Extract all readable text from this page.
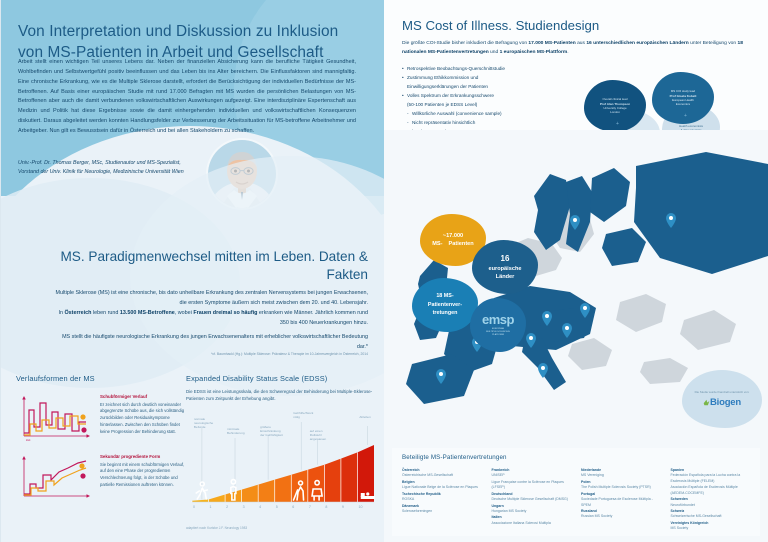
Von Interpretation und Diskussion zu Inklusion von MS-Patienten in Arbeit und Gesellschaft

Arbeit stellt einen wichtigen Teil unseres Lebens dar. Neben der finanziellen Absicherung kann die berufliche Tätigkeit Gesundheit, Wohlbefinden und Selbstwertgefühl positiv beeinflussen und das Leben bis ins Alter bereichern. Die Einflussfaktoren sind mannigfaltig. Eine chronische Erkrankung, wie es die Multiple Sklerose darstellt, erfordert die Berücksichtigung der individuellen Bedürfnisse der MS-Betroffenen. Auf Basis einer europäischen Studie mit rund 17.000 Befragten mit MS wurden die persönlichen Belastungen von MS-Betroffenen aber auch die damit verbundenen volkswirtschaftlichen Auswirkungen aufgezeigt. Eine interdisziplinäre Expertenschaft aus Medizin und Politik hat diese Ergebnisse sowie die damit einhergehenden individuellen und volkswirtschaftlichen Konsequenzen diskutiert. Daraus abgeleitet werden konnten Handlungsfelder zur Verbesserung der Arbeitssituation für MS-betroffene Arbeitnehmer und Arbeitgeber. Nun gilt es Bewusstsein dafür in Österreich und bei allen Stakeholdern zu schaffen.

Univ.-Prof. Dr. Thomas Berger, MSc, Studienautor und MS-Spezialist,
Vorstand der Univ. Klinik für Neurologie, Medizinische Universität Wien

MS. Paradigmenwechsel mitten im Leben. Daten & Fakten

Multiple Sklerose (MS) ist eine chronische, bis dato unheilbare Erkrankung des zentralen Nervensystems bei jungen Erwachsenen, die ersten Symptome äußern sich meist zwischen dem 20. und 40. Lebensjahr.

In Österreich leben rund 13.500 MS-Betroffene, wobei Frauen dreimal so häufig erkranken wie Männer. Jährlich kommen rund 350 bis 400 Neuerkrankungen hinzu.

MS stellt die häufigste neurologische Erkrankung des jungen Erwachsenenalters mit erheblicher volkswirtschaftlicher Bedeutung dar.*

*cf. Baumhackl (Hg.): Multiple Sklerose: Prävalenz & Therapie im 10-Jahresvergleich in Österreich, 2014

Verlaufsformen der MS
Zeit

Schubförmiger Verlauf

Er zeichnet sich durch deutlich voneinander abgegrenzte Schübe aus, die sich vollständig zurückbilden oder Residualsymptome hinterlassen. Zwischen den Schüben findet keine Progression der Behinderung statt.

Sekundär progrediente Form

Sie beginnt mit einem schubförmigen Verlauf, auf den eine Phase der progredienten Verschlechterung folgt, in der Schübe und partielle Remissionen auftreten können.

Expanded Disability Status Scale (EDSS)

Die EDSS ist eine Leistungsskala, die den Schweregrad der Behinderung bei Multiple-Sklerose-Patienten zum Zeitpunkt der Erhebung angibt.

0	1	2	3	4	5	6	7	8	9	10
normale
neurologische
Befunde	minimale
Behinderung
größere
Einschränkung
der Gehfähigkeit
Gehhilfe/Stock
nötig
auf einen
Rollstuhl
angewiesen
Ableben

adaptiert nach Kurtzke J.F. Neurology 1983

MS Cost of Illness. Studiendesign

Die größte COI-Studie bisher inkludiert die Befragung von 17.000 MS-Patienten aus 16 unterschiedlichen europäischen Ländern unter Beteiligung von 18 nationalen MS-Patientenvertretungen und 1 europäischen MS-Plattform.

• Retrospektive Beobachtungs-Querschnittstudie
• Zustimmung Ethikkommission und
Einwilligungserklärungen der Patienten
• Volles Spektrum der Erkrankungsschwere
(50-100 Patienten je EDSS Level)
- Willkürliche Auswahl (convenience sample)
- Nicht repräsentativ hinsichtlich
•
-
-
Health economists
Overall clinical lead
Prof Alan Thompson
University College
London
+
MS COI study lead
Prof Gisela Kobelt
European Health
Economics
+
~17.000
MS- Patienten
16
europäische
Länder
18 MS-
Patientenver-
tretungen	emsp
EUROPEAN
MULTIPLE SCLEROSIS
PLATFORM
Die Studie wurde finanziell unterstützt von:
Biogen
Beteiligte MS-Patientenvertretungen
Österreich
Österreichische MS-Gesellschaft
Belgien
Ligue Nationale Belge de la Sclérose en Plaques
Tschechische Republik
ROSKA
Dänemark
Scleroseforeningen
Frankreich
UNISEP
Ligue Française contre la Sclérose en Plaques (LFSEP)
Deutschland
Deutsche Multiple Sklerose Gesellschaft (DMSG)
Ungarn
Hungarian MS Society
Italien
Associazione Italiana Sclerosi Multipla
Niederlande
MS Vereniging
Polen
The Polish Multiple Sclerosis Society (PTSR)
Portugal
Sociedade Portuguesa de Esclerose Múltipla - SPEM
Russland
Russian MS Society
Spanien
Federación Española para la Lucha contra la Esclerosis Múltiple (FELEM)
Asociación Española de Esclerosis Múltiple (AEDEM-COCEMFE)
Schweden
Neuroförbundet
Schweiz
Schweizerische MS-Gesellschaft
Vereinigtes Königreich
MS Society
